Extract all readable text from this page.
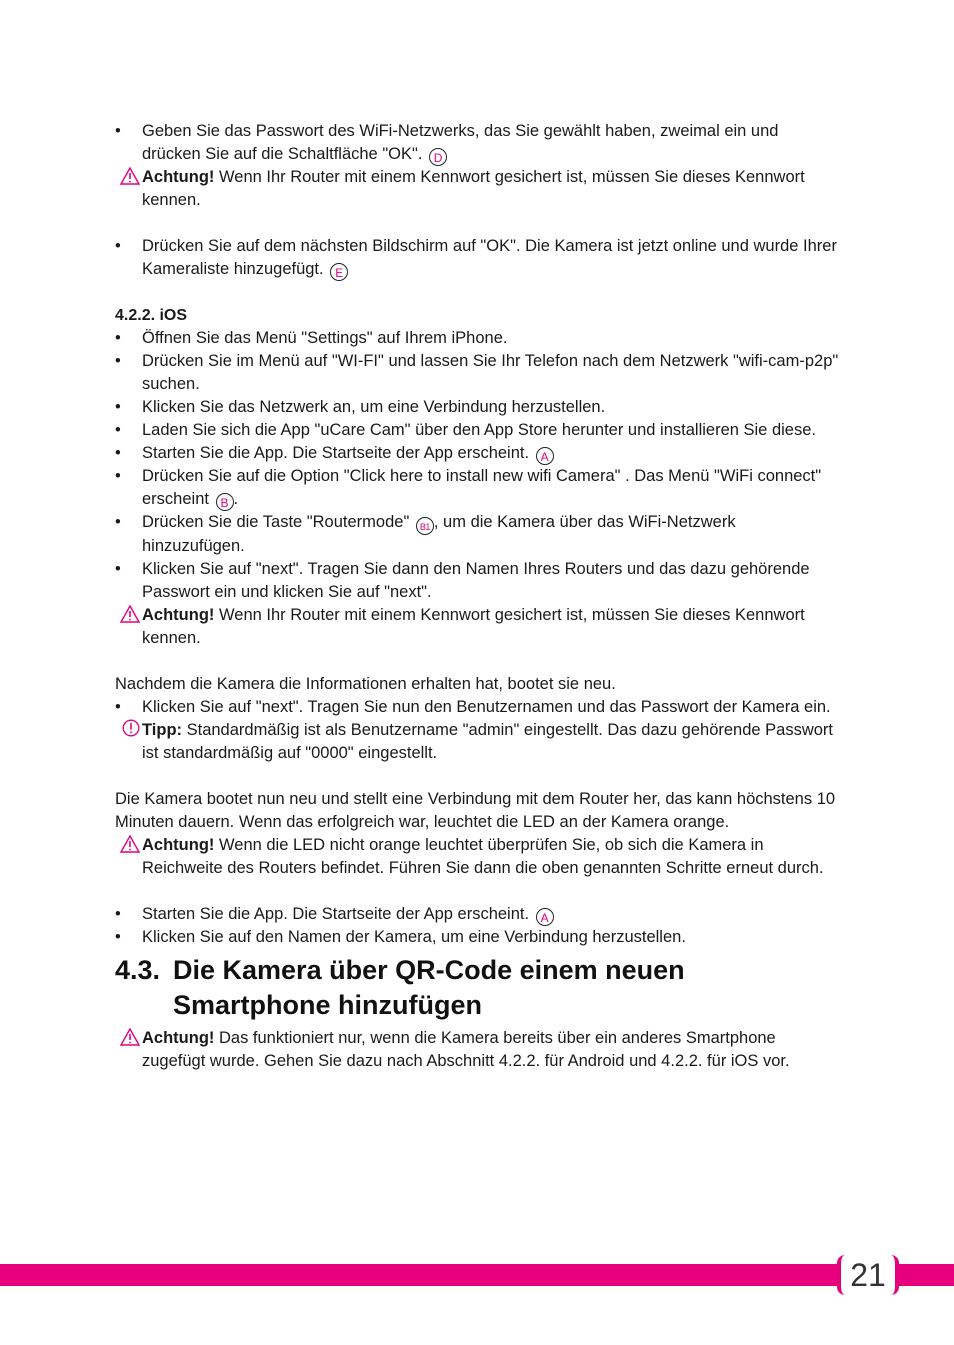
•	Geben Sie das Passwort des WiFi-Netzwerks, das Sie gewählt haben, zweimal ein und drücken Sie auf die Schaltfläche "OK". D
Achtung! Wenn Ihr Router mit einem Kennwort gesichert ist, müssen Sie dieses Kennwort kennen.
•	Drücken Sie auf dem nächsten Bildschirm auf "OK". Die Kamera ist jetzt online und wurde Ihrer Kameraliste hinzugefügt. E
4.2.2. iOS
•	Öffnen Sie das Menü "Settings" auf Ihrem iPhone.
•	Drücken Sie im Menü auf "WI-FI" und lassen Sie Ihr Telefon nach dem Netzwerk "wifi-cam-p2p" suchen.
•	Klicken Sie das Netzwerk an, um eine Verbindung herzustellen.
•	Laden Sie sich die App "uCare Cam" über den App Store herunter und installieren Sie diese.
•	Starten Sie die App. Die Startseite der App erscheint. A
•	Drücken Sie auf die Option "Click here to install new wifi Camera" . Das Menü "WiFi connect" erscheint B .
•	Drücken Sie die Taste "Routermode" B1 , um die Kamera über das WiFi-Netzwerk hinzuzufügen.
•	Klicken Sie auf "next". Tragen Sie dann den Namen Ihres Routers und das dazu gehörende Passwort ein und klicken Sie auf "next".
Achtung! Wenn Ihr Router mit einem Kennwort gesichert ist, müssen Sie dieses Kennwort kennen.
Nachdem die Kamera die Informationen erhalten hat, bootet sie neu.
•	Klicken Sie auf "next". Tragen Sie nun den Benutzernamen und das Passwort der Kamera ein.
Tipp: Standardmäßig ist als Benutzername "admin" eingestellt. Das dazu gehörende Passwort ist standardmäßig auf "0000" eingestellt.
Die Kamera bootet nun neu und stellt eine Verbindung mit dem Router her, das kann höchstens 10 Minuten dauern. Wenn das erfolgreich war, leuchtet die LED an der Kamera orange.
Achtung! Wenn die LED nicht orange leuchtet überprüfen Sie, ob sich die Kamera in Reichweite des Routers befindet. Führen Sie dann die oben genannten Schritte erneut durch.
•	Starten Sie die App. Die Startseite der App erscheint. A
•	Klicken Sie auf den Namen der Kamera, um eine Verbindung herzustellen.
4.3. Die Kamera über QR-Code einem neuen Smartphone hinzufügen
Achtung! Das funktioniert nur, wenn die Kamera bereits über ein anderes Smartphone zugefügt wurde. Gehen Sie dazu nach Abschnitt 4.2.2. für Android und 4.2.2. für iOS vor.
21
